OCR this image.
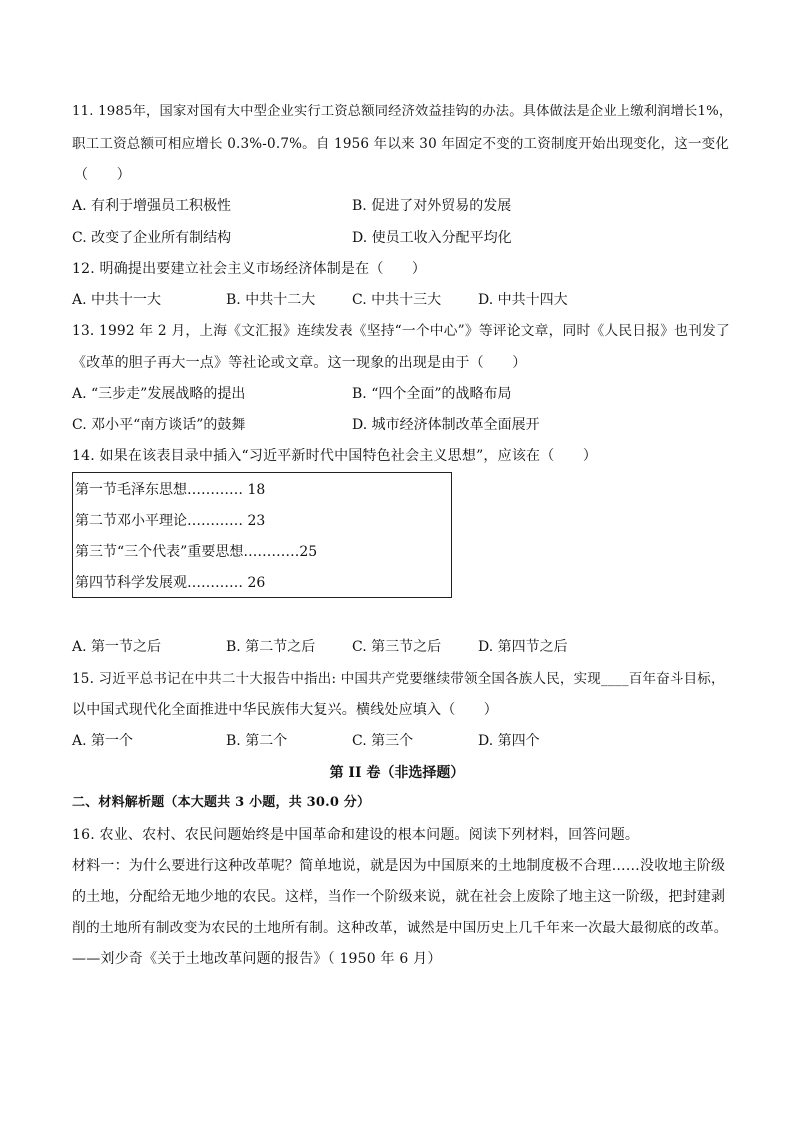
11. 1985年，国家对国有大中型企业实行工资总额同经济效益挂钩的办法。具体做法是企业上缴利润增长1%，
职工工资总额可相应增长 0.3%-0.7%。自 1956 年以来 30 年固定不变的工资制度开始出现变化，这一变化
（　　）
A. 有利于增强员工积极性	B. 促进了对外贸易的发展
C. 改变了企业所有制结构	D. 使员工收入分配平均化
12. 明确提出要建立社会主义市场经济体制是在（　　）
A. 中共十一大	B. 中共十二大	C. 中共十三大	D. 中共十四大
13. 1992 年 2 月，上海《文汇报》连续发表《坚持“一个中心”》等评论文章，同时《人民日报》也刊发了
《改革的胆子再大一点》等社论或文章。这一现象的出现是由于（　　）
A. “三步走”发展战略的提出	B. “四个全面”的战略布局
C. 邓小平“南方谈话”的鼓舞	D. 城市经济体制改革全面展开
14. 如果在该表目录中插入“习近平新时代中国特色社会主义思想”，应该在（　　）
第一节毛泽东思想………… 18
第二节邓小平理论………… 23
第三节“三个代表”重要思想…………25
第四节科学发展观………… 26
A. 第一节之后	B. 第二节之后	C. 第三节之后	D. 第四节之后
15. 习近平总书记在中共二十大报告中指出: 中国共产党要继续带领全国各族人民，实现____百年奋斗目标，
以中国式现代化全面推进中华民族伟大复兴。横线处应填入（　　）
A. 第一个	B. 第二个	C. 第三个	D. 第四个
第 II 卷（非选择题）
二、材料解析题（本大题共 3 小题，共 30.0 分）
16. 农业、农村、农民问题始终是中国革命和建设的根本问题。阅读下列材料，回答问题。
材料一：为什么要进行这种改革呢？简单地说，就是因为中国原来的土地制度极不合理……没收地主阶级
的土地，分配给无地少地的农民。这样，当作一个阶级来说，就在社会上废除了地主这一阶级，把封建剥
削的土地所有制改变为农民的土地所有制。这种改革，诚然是中国历史上几千年来一次最大最彻底的改革。
——刘少奇《关于土地改革问题的报告》（ 1950 年 6 月）
